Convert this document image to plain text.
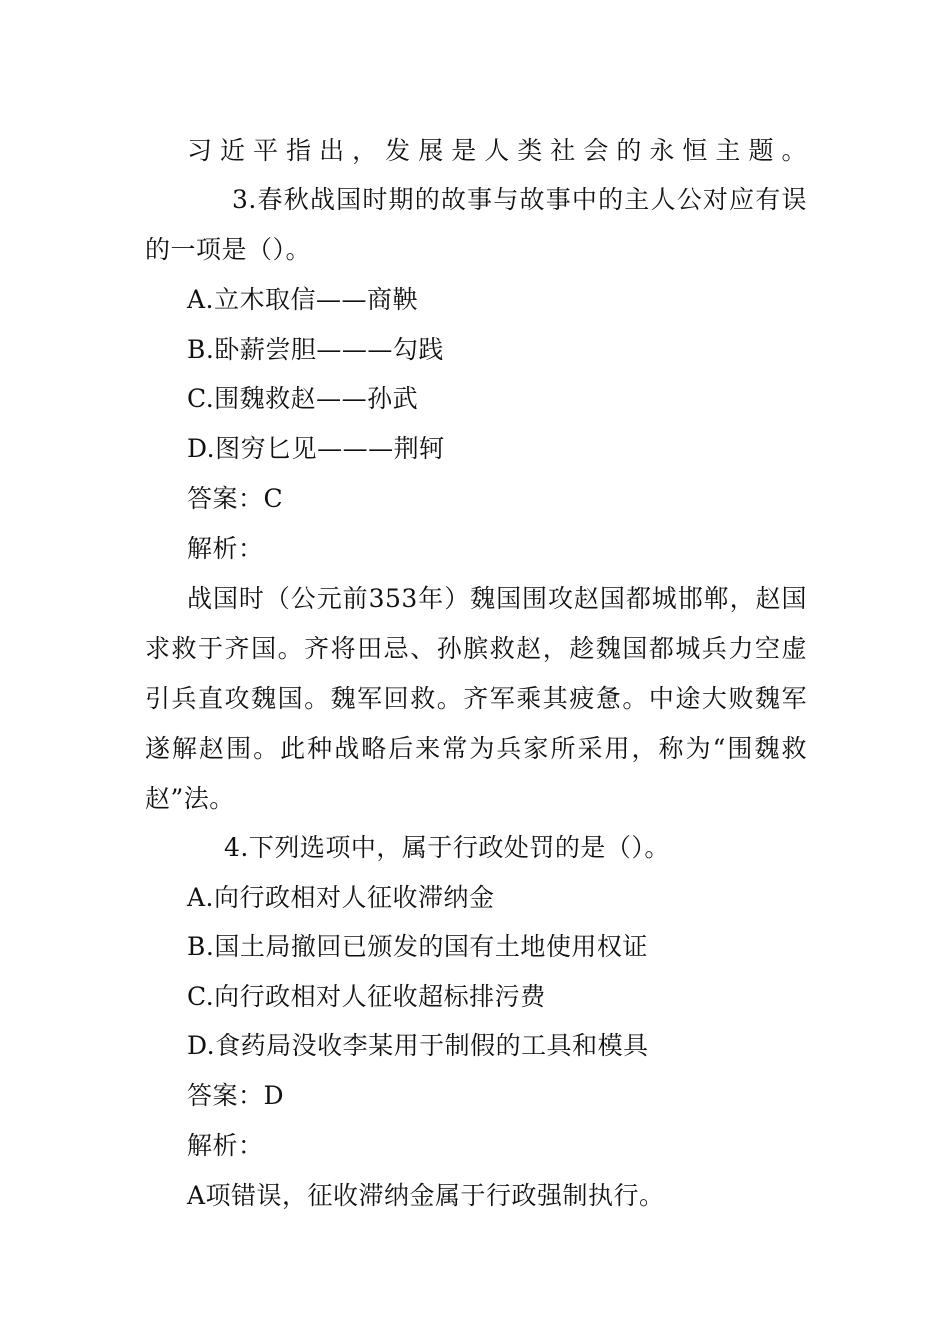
习近平指出，发展是人类社会的永恒主题。
3.春秋战国时期的故事与故事中的主人公对应有误
的一项是（）。
A.立木取信——商鞅
B.卧薪尝胆———勾践
C.围魏救赵——孙武
D.图穷匕见———荆轲
答案：C
解析：
战国时（公元前353年）魏国围攻赵国都城邯郸，赵国
求救于齐国。齐将田忌、孙膑救赵，趁魏国都城兵力空虚
引兵直攻魏国。魏军回救。齐军乘其疲惫。中途大败魏军
遂解赵围。此种战略后来常为兵家所采用，称为“围魏救
赵”法。
4.下列选项中，属于行政处罚的是（）。
A.向行政相对人征收滞纳金
B.国土局撤回已颁发的国有土地使用权证
C.向行政相对人征收超标排污费
D.食药局没收李某用于制假的工具和模具
答案：D
解析：
A项错误，征收滞纳金属于行政强制执行。
